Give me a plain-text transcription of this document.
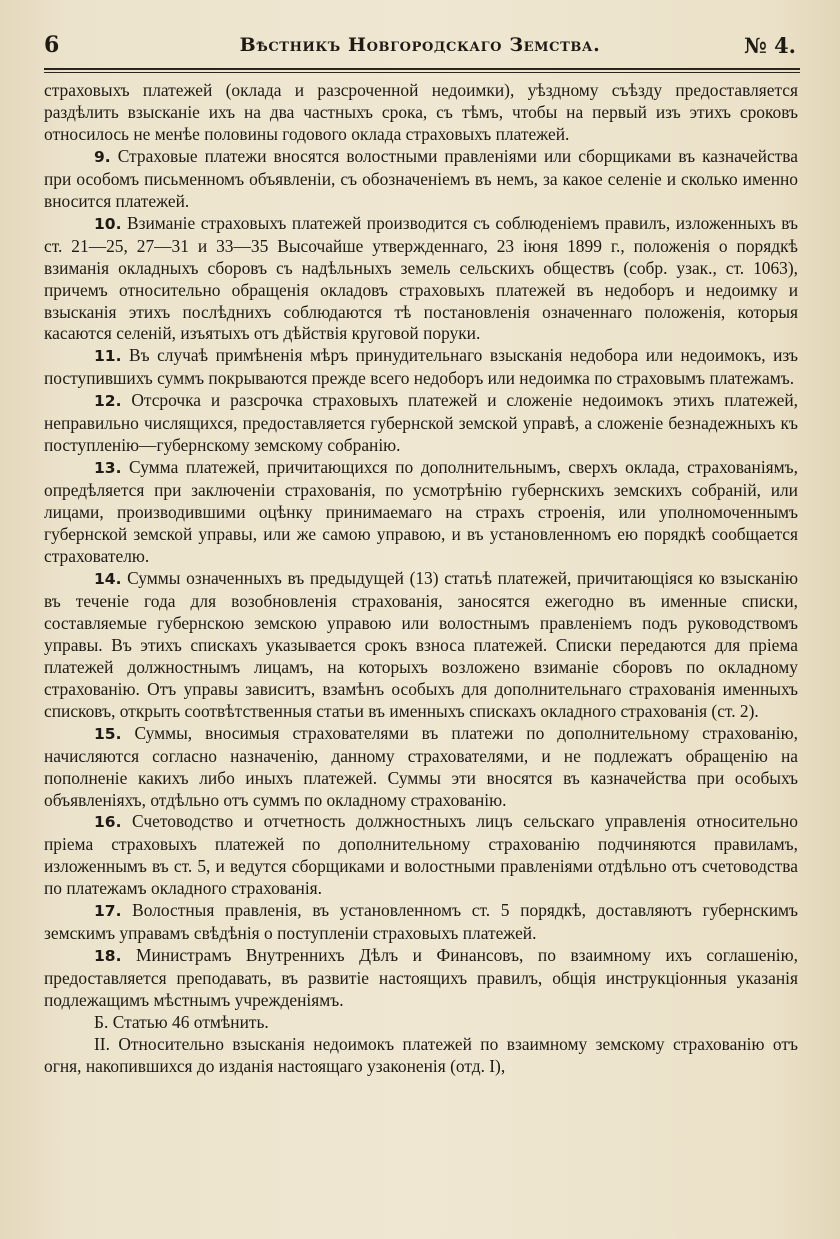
6	Вѣстникъ Новгородскаго Земства.	№ 4.

страховыхъ платежей (оклада и разсроченной недоимки), уѣздному съѣзду предоставляется раздѣлить взысканіе ихъ на два частныхъ срока, съ тѣмъ, чтобы на первый изъ этихъ сроковъ относилось не менѣе половины годового оклада страховыхъ платежей.

9. Страховые платежи вносятся волостными правленіями или сборщиками въ казначейства при особомъ письменномъ объявленіи, съ обозначеніемъ въ немъ, за какое селеніе и сколько именно вносится платежей.

10. Взиманіе страховыхъ платежей производится съ соблюденіемъ правилъ, изложенныхъ въ ст. 21—25, 27—31 и 33—35 Высочайше утвержденнаго, 23 іюня 1899 г., положенія о порядкѣ взиманія окладныхъ сборовъ съ надѣльныхъ земель сельскихъ обществъ (собр. узак., ст. 1063), причемъ относительно обращенія окладовъ страховыхъ платежей въ недоборъ и недоимку и взысканія этихъ послѣднихъ соблюдаются тѣ постановленія означеннаго положенія, которыя касаются селеній, изъятыхъ отъ дѣйствія круговой поруки.

11. Въ случаѣ примѣненія мѣръ принудительнаго взысканія недобора или недоимокъ, изъ поступившихъ суммъ покрываются прежде всего недоборъ или недоимка по страховымъ платежамъ.

12. Отсрочка и разсрочка страховыхъ платежей и сложеніе недоимокъ этихъ платежей, неправильно числящихся, предоставляется губернской земской управѣ, а сложеніе безнадежныхъ къ поступленію—губернскому земскому собранію.

13. Сумма платежей, причитающихся по дополнительнымъ, сверхъ оклада, страхованіямъ, опредѣляется при заключеніи страхованія, по усмотрѣнію губернскихъ земскихъ собраній, или лицами, производившими оцѣнку принимаемаго на страхъ строенія, или уполномоченнымъ губернской земской управы, или же самою управою, и въ установленномъ ею порядкѣ сообщается страхователю.

14. Суммы означенныхъ въ предыдущей (13) статьѣ платежей, причитающіяся ко взысканію въ теченіе года для возобновленія страхованія, заносятся ежегодно въ именные списки, составляемые губернскою земскою управою или волостнымъ правленіемъ подъ руководствомъ управы. Въ этихъ спискахъ указывается срокъ взноса платежей. Списки передаются для пріема платежей должностнымъ лицамъ, на которыхъ возложено взиманіе сборовъ по окладному страхованію. Отъ управы зависитъ, взамѣнъ особыхъ для дополнительнаго страхованія именныхъ списковъ, открыть соотвѣтственныя статьи въ именныхъ спискахъ окладного страхованія (ст. 2).

15. Суммы, вносимыя страхователями въ платежи по дополнительному страхованію, начисляются согласно назначенію, данному страхователями, и не подлежатъ обращенію на пополненіе какихъ либо иныхъ платежей. Суммы эти вносятся въ казначейства при особыхъ объявленіяхъ, отдѣльно отъ суммъ по окладному страхованію.

16. Счетоводство и отчетность должностныхъ лицъ сельскаго управленія относительно пріема страховыхъ платежей по дополнительному страхованію подчиняются правиламъ, изложеннымъ въ ст. 5, и ведутся сборщиками и волостными правленіями отдѣльно отъ счетоводства по платежамъ окладного страхованія.

17. Волостныя правленія, въ установленномъ ст. 5 порядкѣ, доставляютъ губернскимъ земскимъ управамъ свѣдѣнія о поступленіи страховыхъ платежей.

18. Министрамъ Внутреннихъ Дѣлъ и Финансовъ, по взаимному ихъ соглашенію, предоставляется преподавать, въ развитіе настоящихъ правилъ, общія инструкціонныя указанія подлежащимъ мѣстнымъ учрежденіямъ.

Б. Статью 46 отмѣнить.

II. Относительно взысканія недоимокъ платежей по взаимному земскому страхованію отъ огня, накопившихся до изданія настоящаго узаконенія (отд. I),
